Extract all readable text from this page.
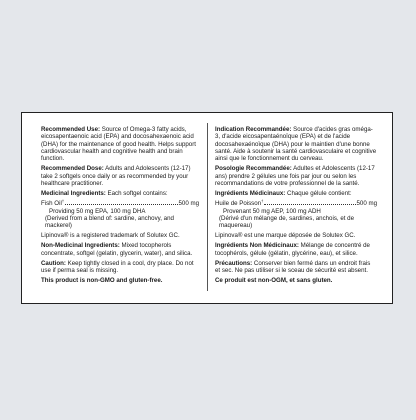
Recommended Use: Source of Omega-3 fatty acids, eicosapentaenoic acid (EPA) and docosahexaenoic acid (DHA) for the maintenance of good health. Helps support cardiovascular health and cognitive health and brain function.

Recommended Dose: Adults and Adolescents (12-17) take 2 softgels once daily or as recommended by your healthcare practitioner.

Medicinal Ingredients: Each softgel contains:

Fish Oil†	500 mg

Providing 50 mg EPA, 100 mg DHA

(Derived from a blend of: sardine, anchovy, and mackerel)

Lipinova® is a registered trademark of Solutex GC.

Non-Medicinal Ingredients: Mixed tocopherols concentrate, softgel (gelatin, glycerin, water), and silica.

Caution: Keep tightly closed in a cool, dry place. Do not use if perma seal is missing.

This product is non-GMO and gluten-free.

Indication Recommandée: Source d'acides gras oméga-3, d'acide eicosapentaénoïque (EPA) et de l'acide docosahexaénoïque (DHA) pour le maintien d'une bonne santé. Aide à soutenir la santé cardiovasculaire et cognitive ainsi que le fonctionnement du cerveau.

Posologie Recommandée: Adultes et Adolescents (12-17 ans) prendre 2 gélules une fois par jour ou selon les recommandations de votre professionnel de la santé.

Ingrédients Médicinaux: Chaque gélule contient:

Huile de Poisson†	500 mg

Provenant 50 mg AEP, 100 mg ADH

(Dérivé d'un mélange de, sardines, anchois, et de maquereau)

Lipinova® est une marque déposée de Solutex GC.

Ingrédients Non Médicinaux: Mélange de concentré de tocophérols, gélule (gélatin, glycérine, eau), et silice.

Précautions: Conserver bien fermé dans un endroit frais et sec. Ne pas utiliser si le sceau de sécurité est absent.

Ce produit est non-OGM, et sans gluten.
